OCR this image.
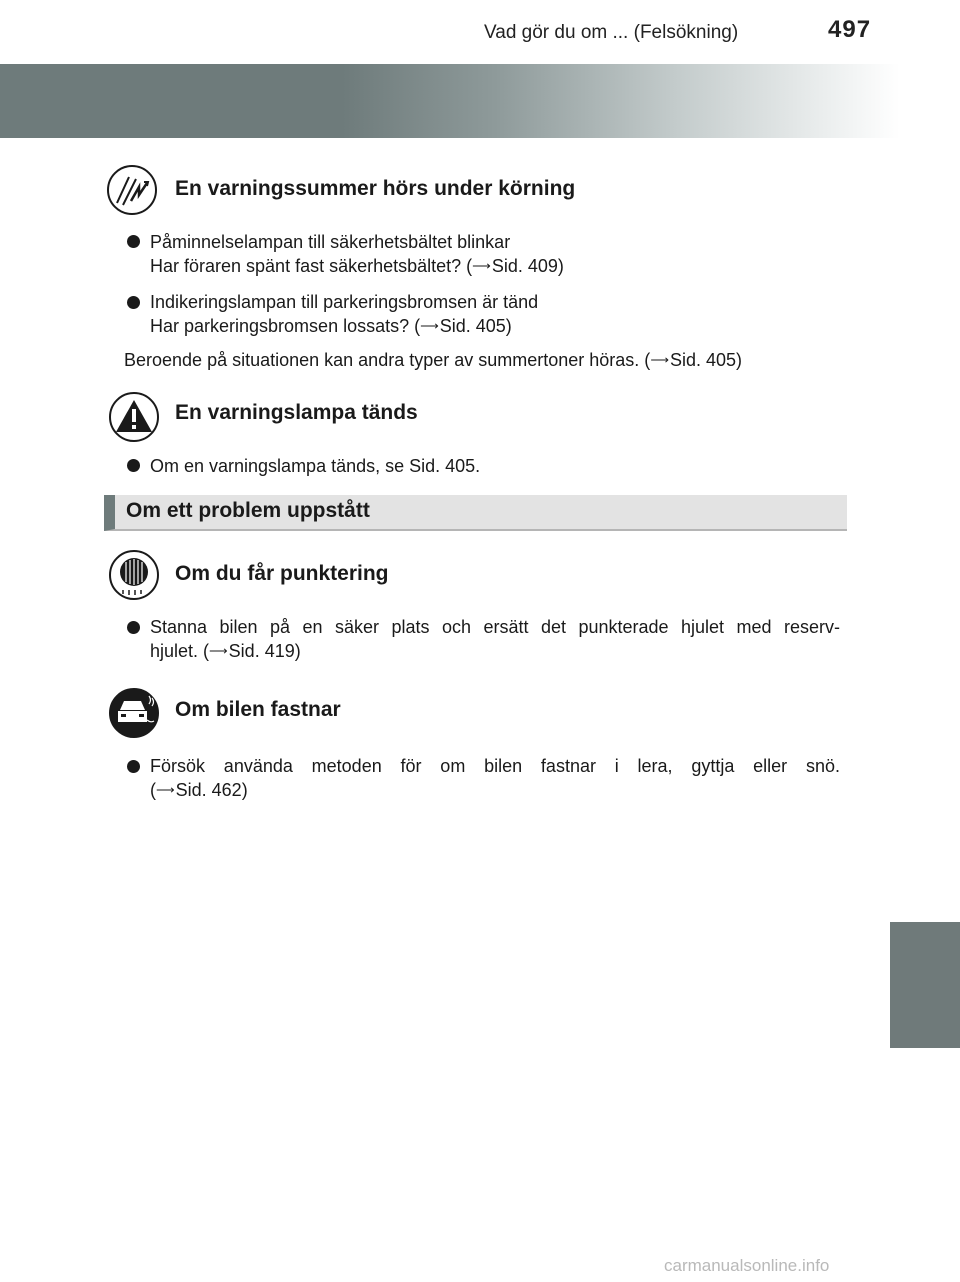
Vad gör du om ... (Felsökning)	497
En varningssummer hörs under körning
Påminnelselampan till säkerhetsbältet blinkar
Har föraren spänt fast säkerhetsbältet? (⟶Sid. 409)
Indikeringslampan till parkeringsbromsen är tänd
Har parkeringsbromsen lossats? (⟶Sid. 405)
Beroende på situationen kan andra typer av summertoner höras. (⟶Sid. 405)
En varningslampa tänds
Om en varningslampa tänds, se Sid. 405.
Om ett problem uppstått
Om du får punktering
Stanna bilen på en säker plats och ersätt det punkterade hjulet med reserv-
hjulet. (⟶Sid. 419)
Om bilen fastnar
Försök använda metoden för om bilen fastnar i lera, gyttja eller snö.
(⟶Sid. 462)
carmanualsonline.info
